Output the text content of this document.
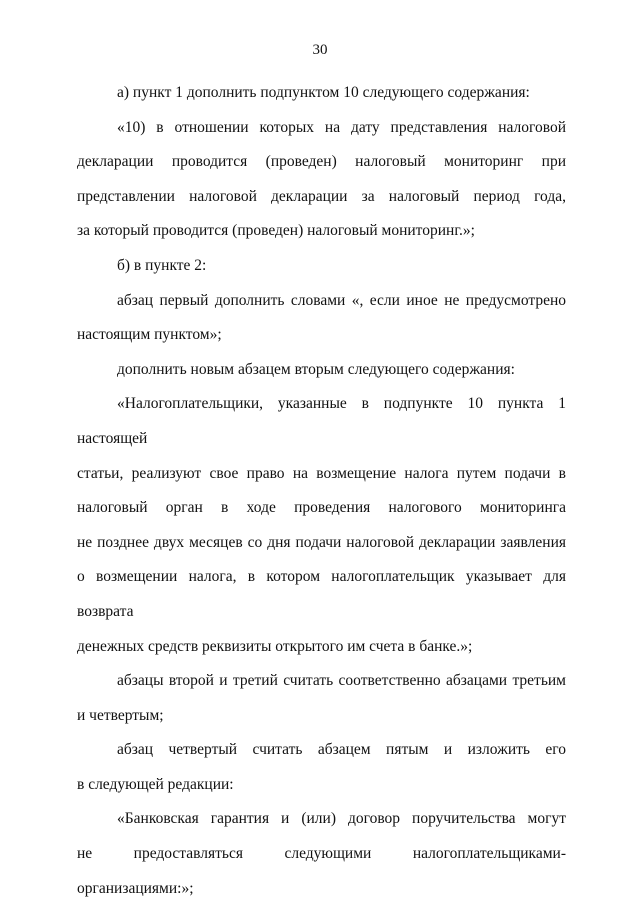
30

а) пункт 1 дополнить подпунктом 10 следующего содержания:

«10) в отношении которых на дату представления налоговой
декларации проводится (проведен) налоговый мониторинг при
представлении налоговой декларации за налоговый период года,
за который проводится (проведен) налоговый мониторинг.»;

б) в пункте 2:

абзац первый дополнить словами «, если иное не предусмотрено
настоящим пунктом»;

дополнить новым абзацем вторым следующего содержания:

«Налогоплательщики, указанные в подпункте 10 пункта 1 настоящей
статьи, реализуют свое право на возмещение налога путем подачи в
налоговый орган в ходе проведения налогового мониторинга
не позднее двух месяцев со дня подачи налоговой декларации заявления
о возмещении налога, в котором налогоплательщик указывает для возврата
денежных средств реквизиты открытого им счета в банке.»;

абзацы второй и третий считать соответственно абзацами третьим
и четвертым;

абзац четвертый считать абзацем пятым и изложить его
в следующей редакции:

«Банковская гарантия и (или) договор поручительства могут
не предоставляться следующими налогоплательщиками-организациями:»;
